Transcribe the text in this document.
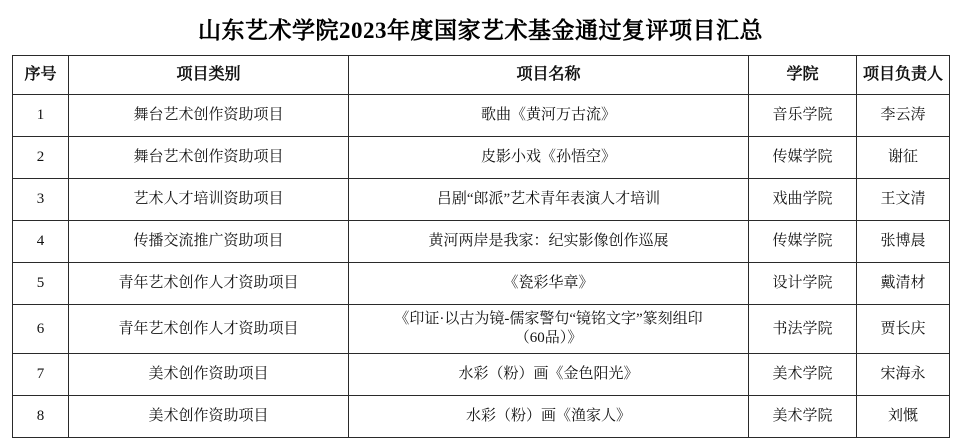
山东艺术学院2023年度国家艺术基金通过复评项目汇总
序号	项目类别	项目名称	学院	项目负责人
1	舞台艺术创作资助项目	歌曲《黄河万古流》	音乐学院	李云涛
2	舞台艺术创作资助项目	皮影小戏《孙悟空》	传媒学院	谢征
3	艺术人才培训资助项目	吕剧“郎派”艺术青年表演人才培训	戏曲学院	王文清
4	传播交流推广资助项目	黄河两岸是我家：纪实影像创作巡展	传媒学院	张博晨
5	青年艺术创作人才资助项目	《瓷彩华章》	设计学院	戴清材
6	青年艺术创作人才资助项目	《印证·以古为镜-儒家警句“镜铭文字”篆刻组印
（60品）》	书法学院	贾长庆
7	美术创作资助项目	水彩（粉）画《金色阳光》	美术学院	宋海永
8	美术创作资助项目	水彩（粉）画《渔家人》	美术学院	刘慨
